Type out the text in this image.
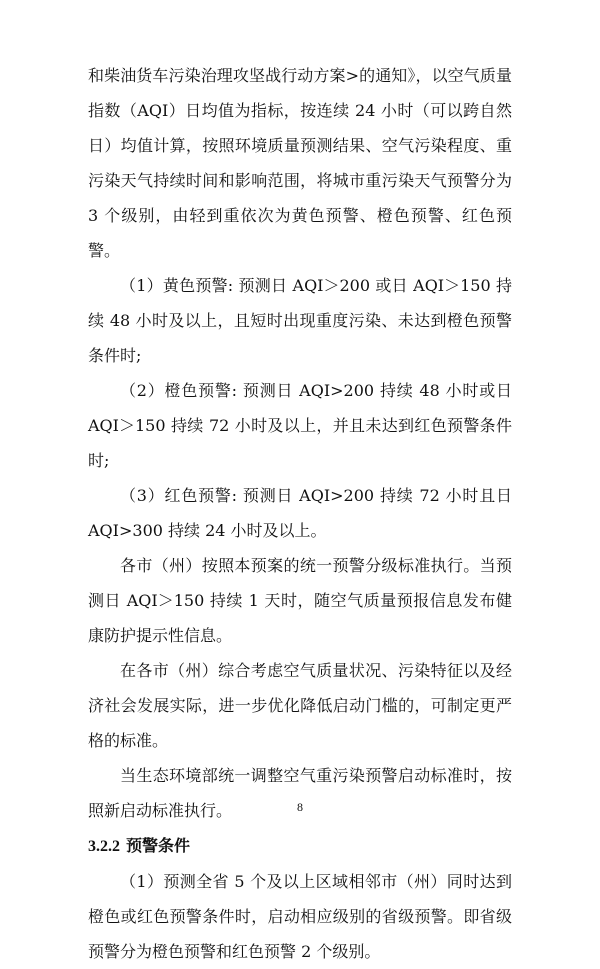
和柴油货车污染治理攻坚战行动方案>的通知》，以空气质量指数（AQI）日均值为指标，按连续 24 小时（可以跨自然日）均值计算，按照环境质量预测结果、空气污染程度、重污染天气持续时间和影响范围，将城市重污染天气预警分为 3 个级别，由轻到重依次为黄色预警、橙色预警、红色预警。

（1）黄色预警: 预测日 AQI＞200 或日 AQI＞150 持续 48 小时及以上，且短时出现重度污染、未达到橙色预警条件时;

（2）橙色预警: 预测日 AQI>200 持续 48 小时或日 AQI＞150 持续 72 小时及以上，并且未达到红色预警条件时;

（3）红色预警: 预测日 AQI>200 持续 72 小时且日 AQI>300 持续 24 小时及以上。

各市（州）按照本预案的统一预警分级标准执行。当预测日 AQI＞150 持续 1 天时，随空气质量预报信息发布健康防护提示性信息。

在各市（州）综合考虑空气质量状况、污染特征以及经济社会发展实际，进一步优化降低启动门槛的，可制定更严格的标准。

当生态环境部统一调整空气重污染预警启动标准时，按照新启动标准执行。

3.2.2 预警条件

（1）预测全省 5 个及以上区域相邻市（州）同时达到橙色或红色预警条件时，启动相应级别的省级预警。即省级预警分为橙色预警和红色预警 2 个级别。

8
